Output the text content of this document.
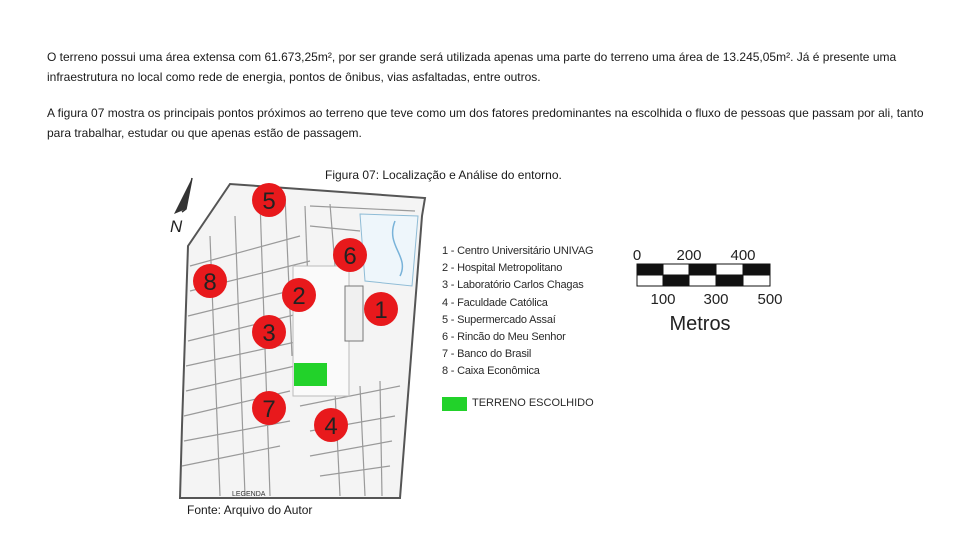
O terreno possui uma área extensa com 61.673,25m², por ser grande será utilizada apenas uma parte do terreno uma área de 13.245,05m². Já é presente uma infraestrutura no local como rede de energia, pontos de ônibus, vias asfaltadas, entre outros.

A figura 07 mostra os principais pontos próximos ao terreno que teve como um dos fatores predominantes na escolhida o fluxo de pessoas que passam por ali, tanto para trabalhar, estudar ou que apenas estão de passagem.

Figura 07: Localização e Análise do entorno.
N
5
6
8
2
1
3
7
4
LEGENDA
1 - Centro Universitário UNIVAG
2 - Hospital Metropolitano
3 - Laboratório Carlos Chagas
4 - Faculdade Católica
5 - Supermercado Assaí
6 - Rincão do Meu Senhor
7 - Banco do Brasil
8 - Caixa Econômica
TERRENO ESCOLHIDO
0 200 400
100 300 500
Metros
Fonte: Arquivo do Autor
